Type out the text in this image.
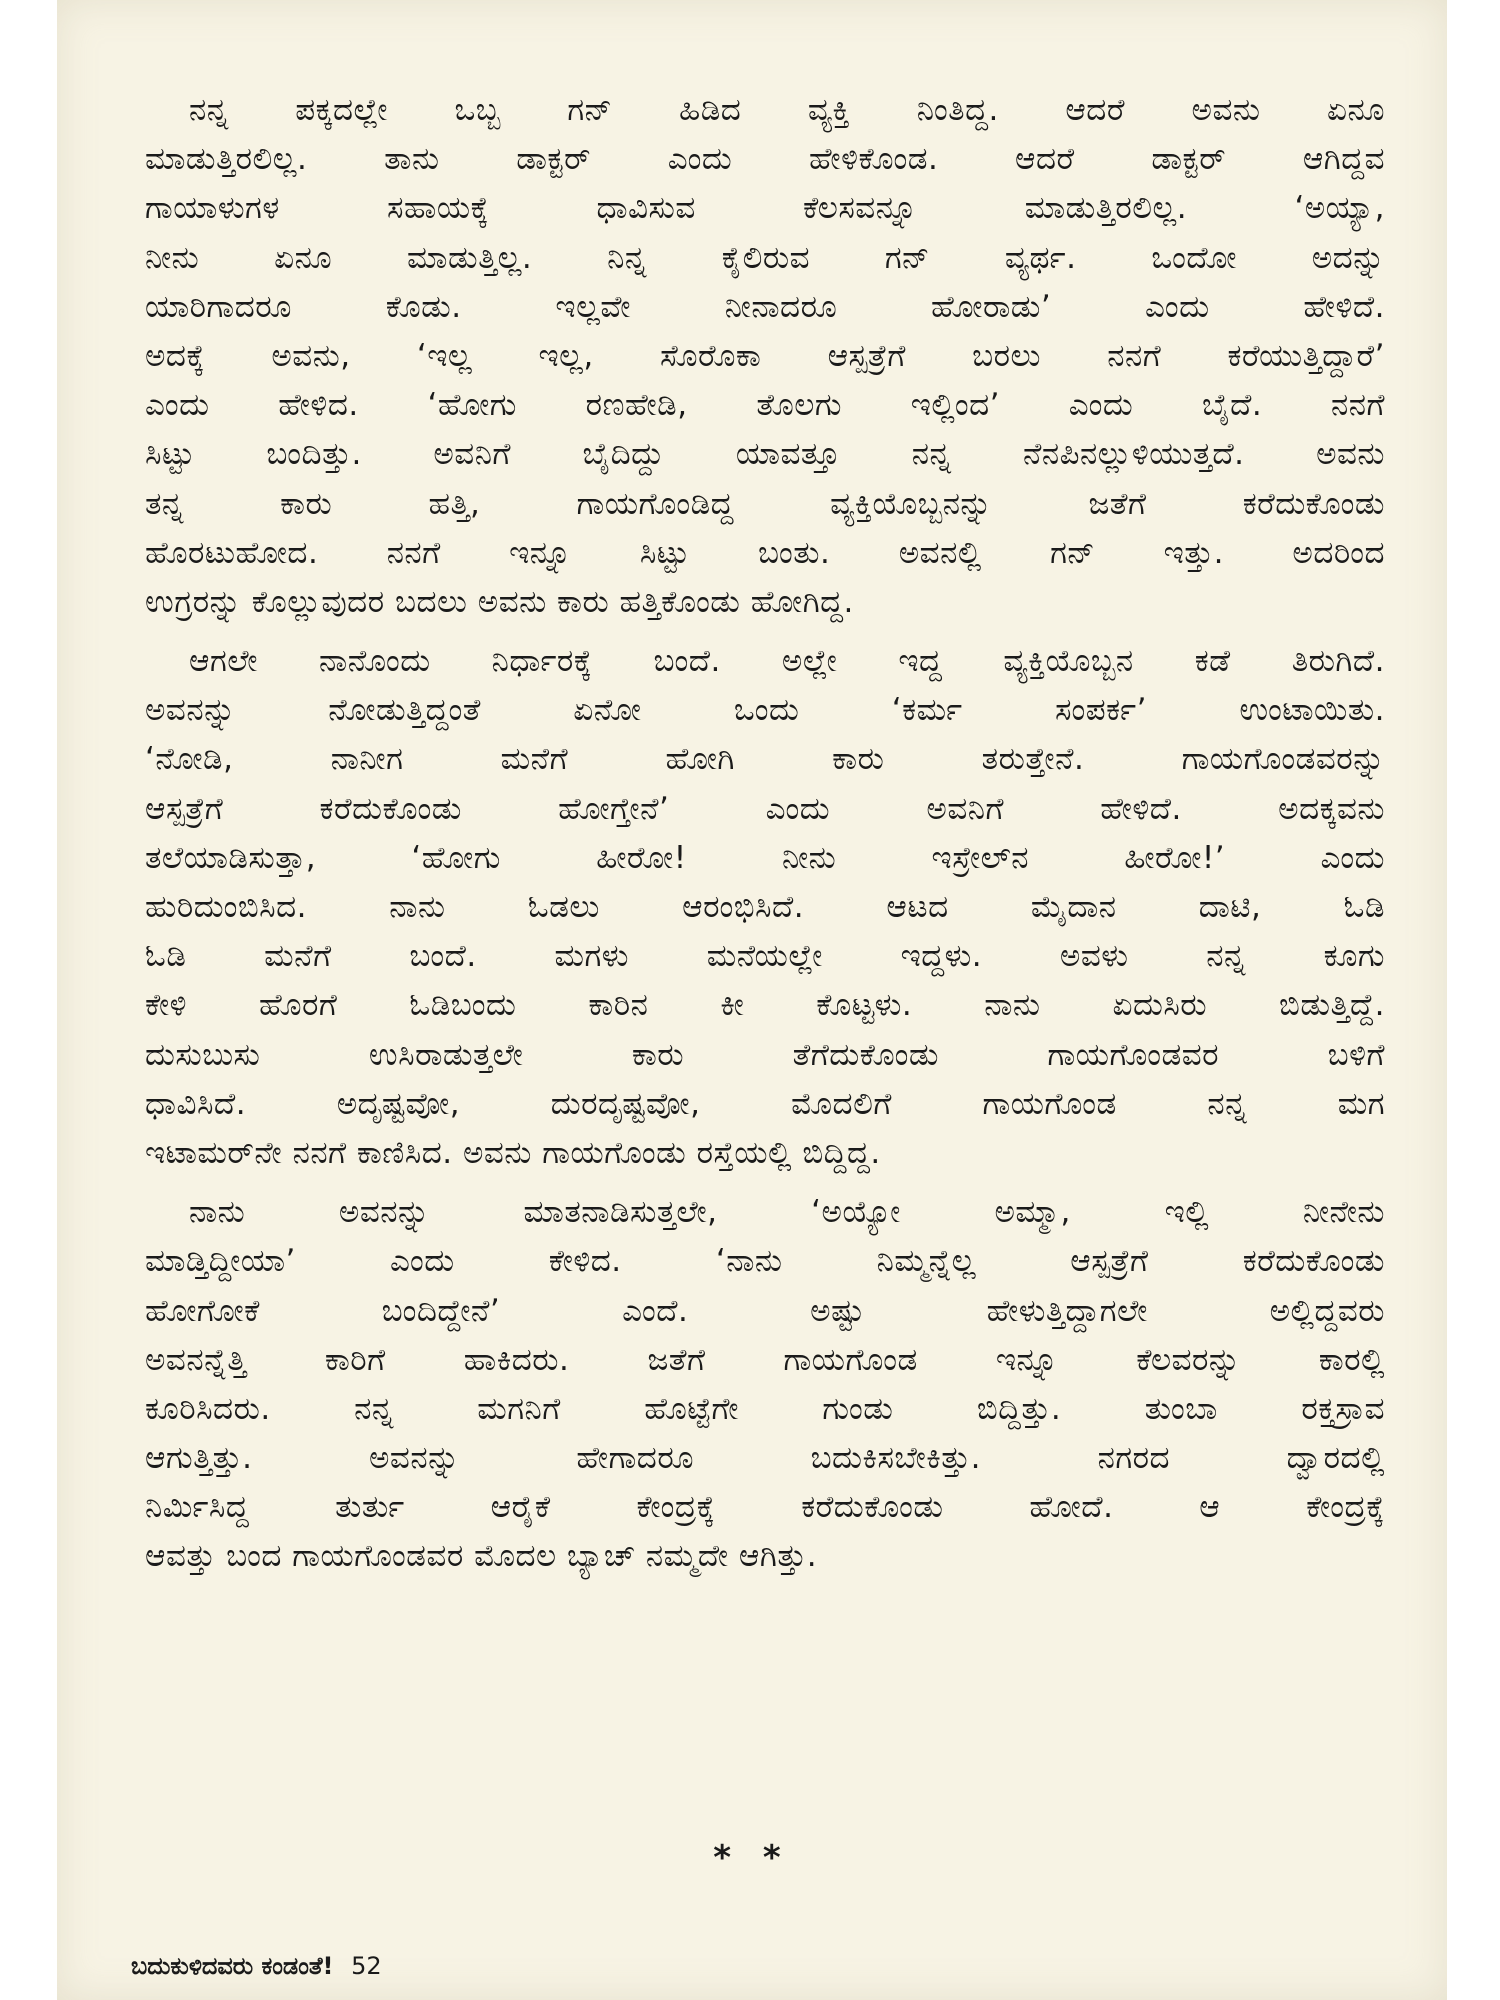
ನನ್ನ ಪಕ್ಕದಲ್ಲೇ ಒಬ್ಬ ಗನ್ ಹಿಡಿದ ವ್ಯಕ್ತಿ ನಿಂತಿದ್ದ. ಆದರೆ ಅವನು ಏನೂ
ಮಾಡುತ್ತಿರಲಿಲ್ಲ. ತಾನು ಡಾಕ್ಟರ್ ಎಂದು ಹೇಳಿಕೊಂಡ. ಆದರೆ ಡಾಕ್ಟರ್ ಆಗಿದ್ದವ
ಗಾಯಾಳುಗಳ ಸಹಾಯಕ್ಕೆ ಧಾವಿಸುವ ಕೆಲಸವನ್ನೂ ಮಾಡುತ್ತಿರಲಿಲ್ಲ. ‘ಅಯ್ಯಾ,
ನೀನು ಏನೂ ಮಾಡುತ್ತಿಲ್ಲ. ನಿನ್ನ ಕೈಲಿರುವ ಗನ್ ವ್ಯರ್ಥ. ಒಂದೋ ಅದನ್ನು
ಯಾರಿಗಾದರೂ ಕೊಡು. ಇಲ್ಲವೇ ನೀನಾದರೂ ಹೋರಾಡು’ ಎಂದು ಹೇಳಿದೆ.
ಅದಕ್ಕೆ ಅವನು, ‘ಇಲ್ಲ ಇಲ್ಲ, ಸೊರೊಕಾ ಆಸ್ಪತ್ರೆಗೆ ಬರಲು ನನಗೆ ಕರೆಯುತ್ತಿದ್ದಾರೆ’
ಎಂದು ಹೇಳಿದ. ‘ಹೋಗು ರಣಹೇಡಿ, ತೊಲಗು ಇಲ್ಲಿಂದ’ ಎಂದು ಬೈದೆ. ನನಗೆ
ಸಿಟ್ಟು ಬಂದಿತ್ತು. ಅವನಿಗೆ ಬೈದಿದ್ದು ಯಾವತ್ತೂ ನನ್ನ ನೆನಪಿನಲ್ಲುಳಿಯುತ್ತದೆ. ಅವನು
ತನ್ನ ಕಾರು ಹತ್ತಿ, ಗಾಯಗೊಂಡಿದ್ದ ವ್ಯಕ್ತಿಯೊಬ್ಬನನ್ನು ಜತೆಗೆ ಕರೆದುಕೊಂಡು
ಹೊರಟುಹೋದ. ನನಗೆ ಇನ್ನೂ ಸಿಟ್ಟು ಬಂತು. ಅವನಲ್ಲಿ ಗನ್ ಇತ್ತು. ಅದರಿಂದ
ಉಗ್ರರನ್ನು ಕೊಲ್ಲುವುದರ ಬದಲು ಅವನು ಕಾರು ಹತ್ತಿಕೊಂಡು ಹೋಗಿದ್ದ.
ಆಗಲೇ ನಾನೊಂದು ನಿರ್ಧಾರಕ್ಕೆ ಬಂದೆ. ಅಲ್ಲೇ ಇದ್ದ ವ್ಯಕ್ತಿಯೊಬ್ಬನ ಕಡೆ ತಿರುಗಿದೆ.
ಅವನನ್ನು ನೋಡುತ್ತಿದ್ದಂತೆ ಏನೋ ಒಂದು ‘ಕರ್ಮ ಸಂಪರ್ಕ’ ಉಂಟಾಯಿತು.
‘ನೋಡಿ, ನಾನೀಗ ಮನೆಗೆ ಹೋಗಿ ಕಾರು ತರುತ್ತೇನೆ. ಗಾಯಗೊಂಡವರನ್ನು
ಆಸ್ಪತ್ರೆಗೆ ಕರೆದುಕೊಂಡು ಹೋಗ್ತೇನೆ’ ಎಂದು ಅವನಿಗೆ ಹೇಳಿದೆ. ಅದಕ್ಕವನು
ತಲೆಯಾಡಿಸುತ್ತಾ, ‘ಹೋಗು ಹೀರೋ! ನೀನು ಇಸ್ರೇಲ್‌ನ ಹೀರೋ!’ ಎಂದು
ಹುರಿದುಂಬಿಸಿದ. ನಾನು ಓಡಲು ಆರಂಭಿಸಿದೆ. ಆಟದ ಮೈದಾನ ದಾಟಿ, ಓಡಿ
ಓಡಿ ಮನೆಗೆ ಬಂದೆ. ಮಗಳು ಮನೆಯಲ್ಲೇ ಇದ್ದಳು. ಅವಳು ನನ್ನ ಕೂಗು
ಕೇಳಿ ಹೊರಗೆ ಓಡಿಬಂದು ಕಾರಿನ ಕೀ ಕೊಟ್ಟಳು. ನಾನು ಏದುಸಿರು ಬಿಡುತ್ತಿದ್ದೆ.
ದುಸುಬುಸು ಉಸಿರಾಡುತ್ತಲೇ ಕಾರು ತೆಗೆದುಕೊಂಡು ಗಾಯಗೊಂಡವರ ಬಳಿಗೆ
ಧಾವಿಸಿದೆ. ಅದೃಷ್ಟವೋ, ದುರದೃಷ್ಟವೋ, ಮೊದಲಿಗೆ ಗಾಯಗೊಂಡ ನನ್ನ ಮಗ
ಇಟಾಮರ್‌ನೇ ನನಗೆ ಕಾಣಿಸಿದ. ಅವನು ಗಾಯಗೊಂಡು ರಸ್ತೆಯಲ್ಲಿ ಬಿದ್ದಿದ್ದ.
ನಾನು ಅವನನ್ನು ಮಾತನಾಡಿಸುತ್ತಲೇ, ‘ಅಯ್ಯೋ ಅಮ್ಮಾ, ಇಲ್ಲಿ ನೀನೇನು
ಮಾಡ್ತಿದ್ದೀಯಾ’ ಎಂದು ಕೇಳಿದ. ‘ನಾನು ನಿಮ್ಮನ್ನೆಲ್ಲ ಆಸ್ಪತ್ರೆಗೆ ಕರೆದುಕೊಂಡು
ಹೋಗೋಕೆ ಬಂದಿದ್ದೇನೆ’ ಎಂದೆ. ಅಷ್ಟು ಹೇಳುತ್ತಿದ್ದಾಗಲೇ ಅಲ್ಲಿದ್ದವರು
ಅವನನ್ನೆತ್ತಿ ಕಾರಿಗೆ ಹಾಕಿದರು. ಜತೆಗೆ ಗಾಯಗೊಂಡ ಇನ್ನೂ ಕೆಲವರನ್ನು ಕಾರಲ್ಲಿ
ಕೂರಿಸಿದರು. ನನ್ನ ಮಗನಿಗೆ ಹೊಟ್ಟೆಗೇ ಗುಂಡು ಬಿದ್ದಿತ್ತು. ತುಂಬಾ ರಕ್ತಸ್ರಾವ
ಆಗುತ್ತಿತ್ತು. ಅವನನ್ನು ಹೇಗಾದರೂ ಬದುಕಿಸಬೇಕಿತ್ತು. ನಗರದ ದ್ವಾರದಲ್ಲಿ
ನಿರ್ಮಿಸಿದ್ದ ತುರ್ತು ಆರೈಕೆ ಕೇಂದ್ರಕ್ಕೆ ಕರೆದುಕೊಂಡು ಹೋದೆ. ಆ ಕೇಂದ್ರಕ್ಕೆ
ಆವತ್ತು ಬಂದ ಗಾಯಗೊಂಡವರ ಮೊದಲ ಬ್ಯಾಚ್ ನಮ್ಮದೇ ಆಗಿತ್ತು.
* *
ಬದುಕುಳಿದವರು ಕಂಡಂತೆ! 52
